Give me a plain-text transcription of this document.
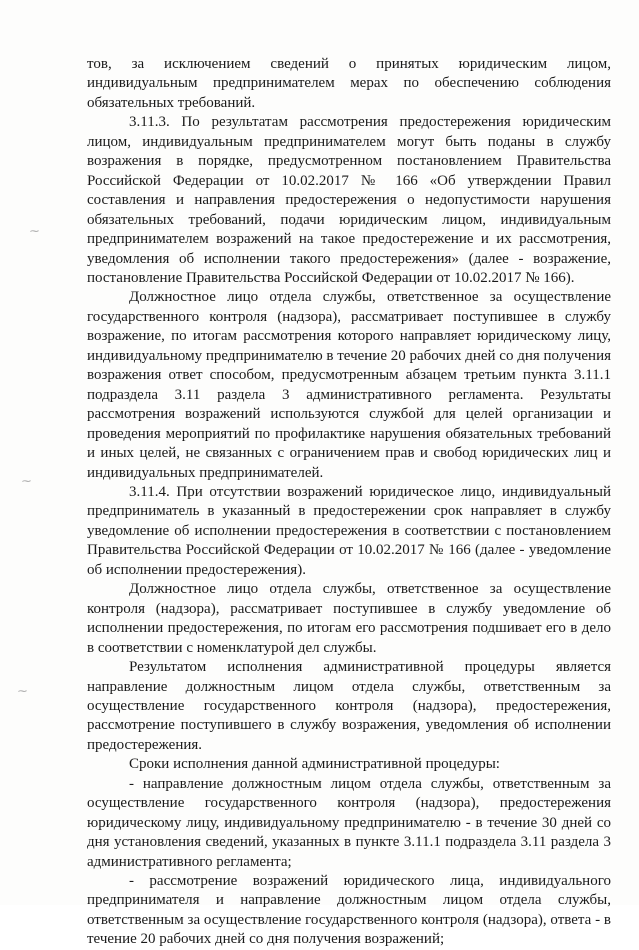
тов, за исключением сведений о принятых юридическим лицом, индивидуальным предпринимателем мерах по обеспечению соблюдения обязательных требований.

3.11.3. По результатам рассмотрения предостережения юридическим лицом, индивидуальным предпринимателем могут быть поданы в службу возражения в порядке, предусмотренном постановлением Правительства Российской Федерации от 10.02.2017 № 166 «Об утверждении Правил составления и направления предостережения о недопустимости нарушения обязательных требований, подачи юридическим лицом, индивидуальным предпринимателем возражений на такое предостережение и их рассмотрения, уведомления об исполнении такого предостережения» (далее - возражение, постановление Правительства Российской Федерации от 10.02.2017 № 166).

Должностное лицо отдела службы, ответственное за осуществление государственного контроля (надзора), рассматривает поступившее в службу возражение, по итогам рассмотрения которого направляет юридическому лицу, индивидуальному предпринимателю в течение 20 рабочих дней со дня получения возражения ответ способом, предусмотренным абзацем третьим пункта 3.11.1 подраздела 3.11 раздела 3 административного регламента. Результаты рассмотрения возражений используются службой для целей организации и проведения мероприятий по профилактике нарушения обязательных требований и иных целей, не связанных с ограничением прав и свобод юридических лиц и индивидуальных предпринимателей.

3.11.4. При отсутствии возражений юридическое лицо, индивидуальный предприниматель в указанный в предостережении срок направляет в службу уведомление об исполнении предостережения в соответствии с постановлением Правительства Российской Федерации от 10.02.2017 № 166 (далее - уведомление об исполнении предостережения).

Должностное лицо отдела службы, ответственное за осуществление контроля (надзора), рассматривает поступившее в службу уведомление об исполнении предостережения, по итогам его рассмотрения подшивает его в дело в соответствии с номенклатурой дел службы.

Результатом исполнения административной процедуры является направление должностным лицом отдела службы, ответственным за осуществление государственного контроля (надзора), предостережения, рассмотрение поступившего в службу возражения, уведомления об исполнении предостережения.

Сроки исполнения данной административной процедуры:

- направление должностным лицом отдела службы, ответственным за осуществление государственного контроля (надзора), предостережения юридическому лицу, индивидуальному предпринимателю - в течение 30 дней со дня установления сведений, указанных в пункте 3.11.1 подраздела 3.11 раздела 3 административного регламента;

- рассмотрение возражений юридического лица, индивидуального предпринимателя и направление должностным лицом отдела службы, ответственным за осуществление государственного контроля (надзора), ответа - в течение 20 рабочих дней со дня получения возражений;

⁓
⁓
⁓
